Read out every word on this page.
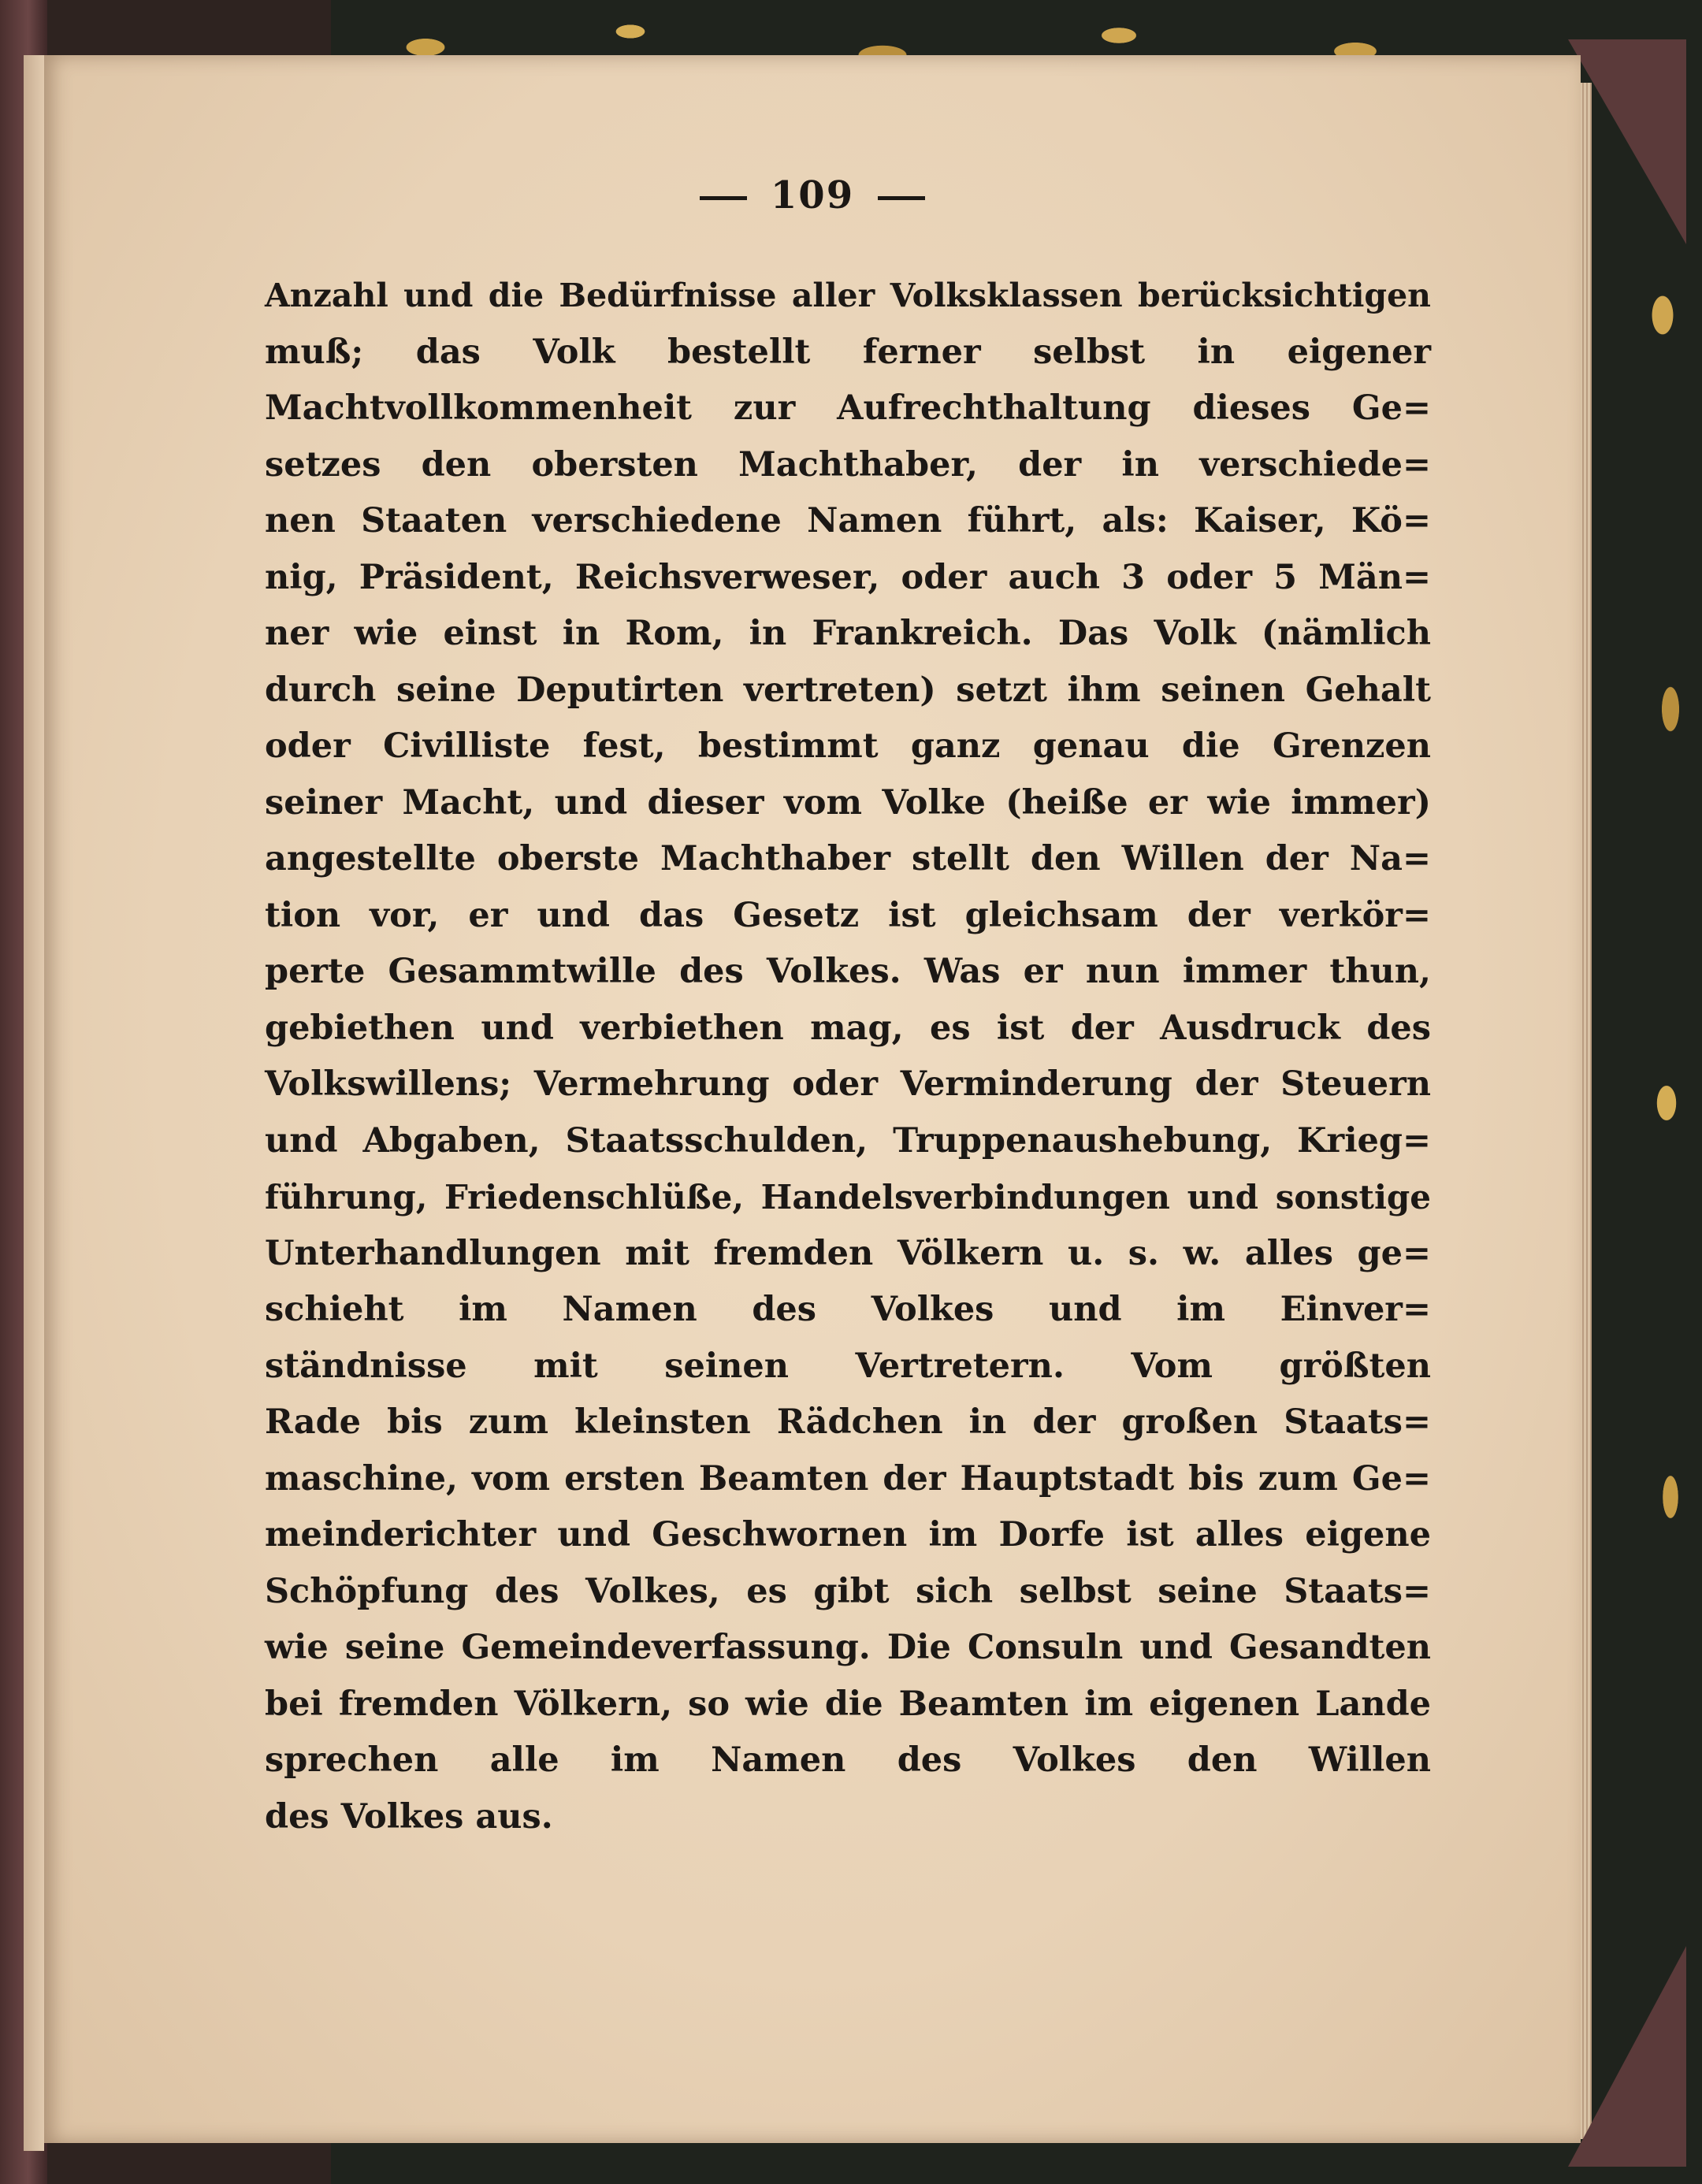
109
Anzahl und die Bedürfnisse aller Volksklassen berücksichtigen
muß; das Volk bestellt ferner selbst in eigener
Machtvollkommenheit zur Aufrechthaltung dieses Ge=
setzes den obersten Machthaber, der in verschiede=
nen Staaten verschiedene Namen führt, als: Kaiser, Kö=
nig, Präsident, Reichsverweser, oder auch 3 oder 5 Män=
ner wie einst in Rom, in Frankreich. Das Volk (nämlich
durch seine Deputirten vertreten) setzt ihm seinen Gehalt
oder Civilliste fest, bestimmt ganz genau die Grenzen
seiner Macht, und dieser vom Volke (heiße er wie immer)
angestellte oberste Machthaber stellt den Willen der Na=
tion vor, er und das Gesetz ist gleichsam der verkör=
perte Gesammtwille des Volkes. Was er nun immer thun,
gebiethen und verbiethen mag, es ist der Ausdruck des
Volkswillens; Vermehrung oder Verminderung der Steuern
und Abgaben, Staatsschulden, Truppenaushebung, Krieg=
führung, Friedenschlüße, Handelsverbindungen und sonstige
Unterhandlungen mit fremden Völkern u. s. w. alles ge=
schieht im Namen des Volkes und im Einver=
ständnisse mit seinen Vertretern. Vom größten
Rade bis zum kleinsten Rädchen in der großen Staats=
maschine, vom ersten Beamten der Hauptstadt bis zum Ge=
meinderichter und Geschwornen im Dorfe ist alles eigene
Schöpfung des Volkes, es gibt sich selbst seine Staats=
wie seine Gemeindeverfassung. Die Consuln und Gesandten
bei fremden Völkern, so wie die Beamten im eigenen Lande
sprechen alle im Namen des Volkes den Willen
des Volkes aus.
